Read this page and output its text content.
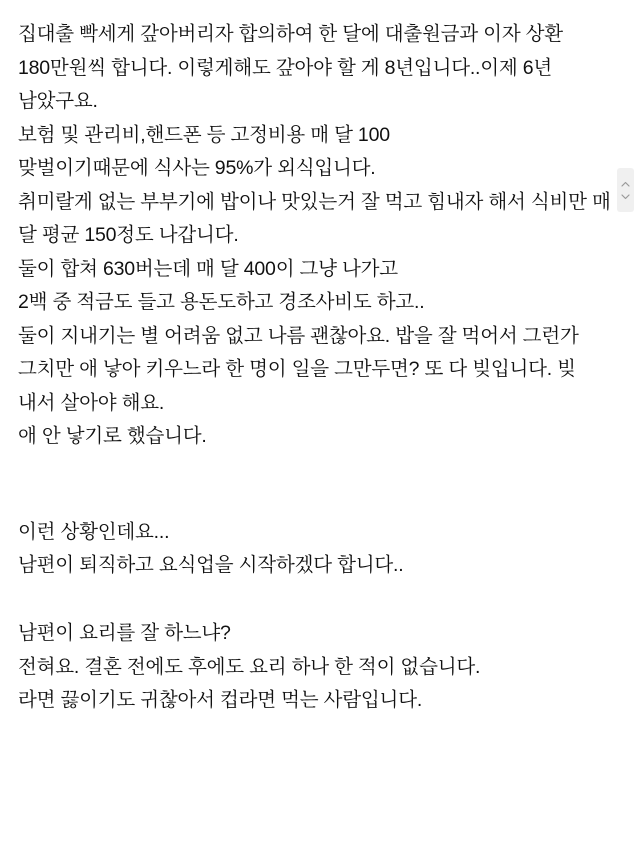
집대출 빡세게 갚아버리자 합의하여 한 달에 대출원금과 이자 상환 180만원씩 합니다. 이렇게해도 갚아야 할 게 8년입니다..이제 6년 남았구요.

보험 및 관리비,핸드폰 등 고정비용 매 달 100

맞벌이기때문에 식사는 95%가 외식입니다.

취미랄게 없는 부부기에 밥이나 맛있는거 잘 먹고 힘내자 해서 식비만 매 달 평균 150정도 나갑니다.

둘이 합쳐 630버는데 매 달 400이 그냥 나가고

2백 중 적금도 들고 용돈도하고 경조사비도 하고..

둘이 지내기는 별 어려움 없고 나름 괜찮아요. 밥을 잘 먹어서 그런가 그치만 애 낳아 키우느라 한 명이 일을 그만두면? 또 다 빚입니다. 빚 내서 살아야 해요.

애 안 낳기로 했습니다.

이런 상황인데요...

남편이 퇴직하고 요식업을 시작하겠다 합니다..

남편이 요리를 잘 하느냐?

전혀요. 결혼 전에도 후에도 요리 하나 한 적이 없습니다.

라면 끓이기도 귀찮아서 컵라면 먹는 사람입니다.
